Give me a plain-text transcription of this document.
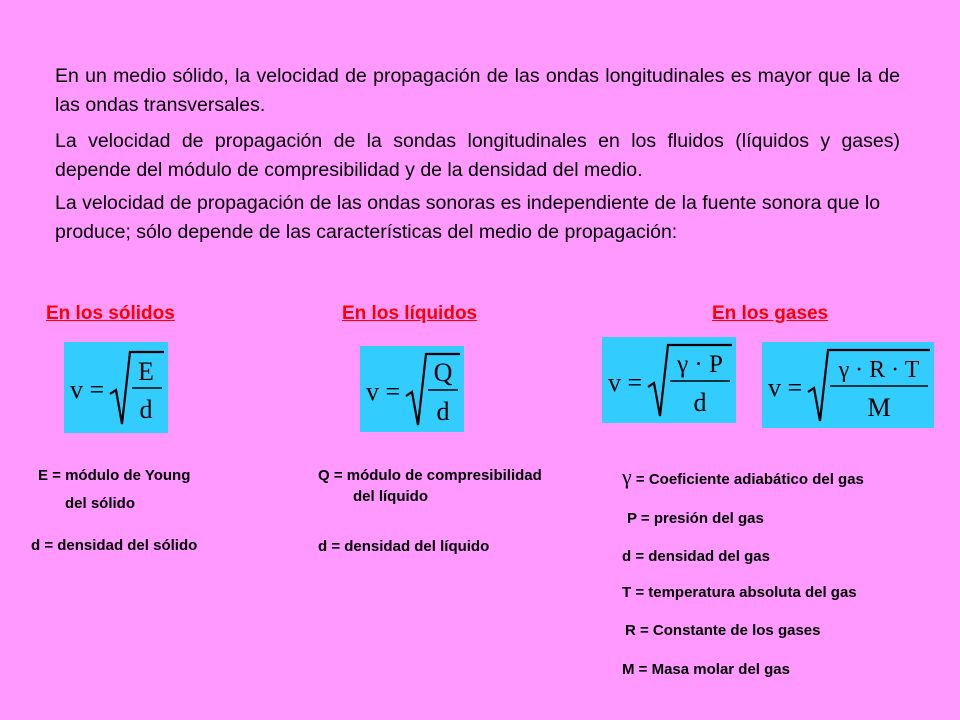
En un medio sólido, la velocidad de propagación de las ondas longitudinales es mayor que la de las ondas transversales.

La velocidad de propagación de la sondas longitudinales en los fluidos (líquidos y gases) depende del módulo de compresibilidad y de la densidad del medio.

La velocidad de propagación de las ondas sonoras es independiente de la fuente sonora que lo produce; sólo depende de las características del medio de propagación:

En los sólidos	En los líquidos	En los gases

v =
E
d
v =
Q
d
v =
γ · P
d
v =
γ · R · T
M

E = módulo de Young

del sólido

d = densidad del sólido

Q = módulo de compresibilidad

del líquido

d = densidad del líquido

γ = Coeficiente adiabático del gas

P = presión del gas

d = densidad del gas

T = temperatura absoluta del gas

R = Constante de los gases

M = Masa molar del gas
